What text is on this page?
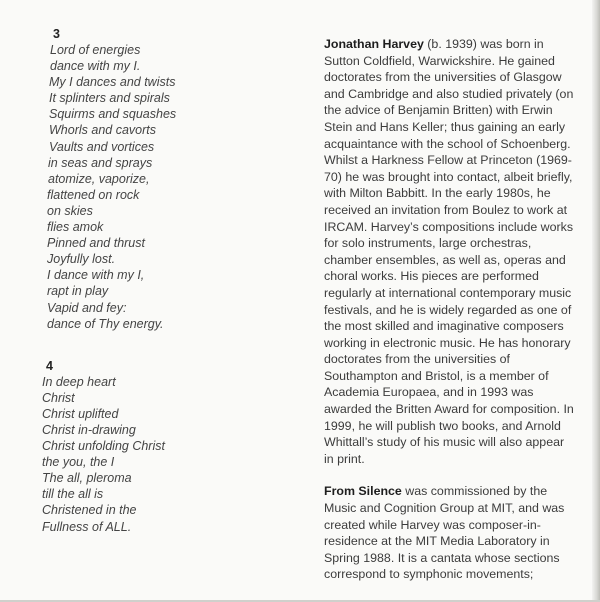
3
Lord of energies
dance with my I.
My I dances and twists
It splinters and spirals
Squirms and squashes
Whorls and cavorts
Vaults and vortices
in seas and sprays
atomize, vaporize,
flattened on rock
on skies
flies amok
Pinned and thrust
Joyfully lost.
I dance with my I,
rapt in play
Vapid and fey:
dance of Thy energy.
4
In deep heart
Christ
Christ uplifted
Christ in-drawing
Christ unfolding Christ
the you, the I
The all, pleroma
till the all is
Christened in the
Fullness of ALL.

Jonathan Harvey (b. 1939) was born in Sutton Coldfield, Warwickshire. He gained doctorates from the universities of Glasgow and Cambridge and also studied privately (on the advice of Benjamin Britten) with Erwin Stein and Hans Keller; thus gaining an early acquaintance with the school of Schoenberg. Whilst a Harkness Fellow at Princeton (1969-70) he was brought into contact, albeit briefly, with Milton Babbitt. In the early 1980s, he received an invitation from Boulez to work at IRCAM. Harvey’s compositions include works for solo instruments, large orchestras, chamber ensembles, as well as, operas and choral works. His pieces are performed regularly at international contemporary music festivals, and he is widely regarded as one of the most skilled and imaginative composers working in electronic music. He has honorary doctorates from the universities of Southampton and Bristol, is a member of Academia Europaea, and in 1993 was awarded the Britten Award for composition. In 1999, he will publish two books, and Arnold Whittall’s study of his music will also appear in print.

From Silence was commissioned by the Music and Cognition Group at MIT, and was created while Harvey was composer-in-residence at the MIT Media Laboratory in Spring 1988. It is a cantata whose sections correspond to symphonic movements;
